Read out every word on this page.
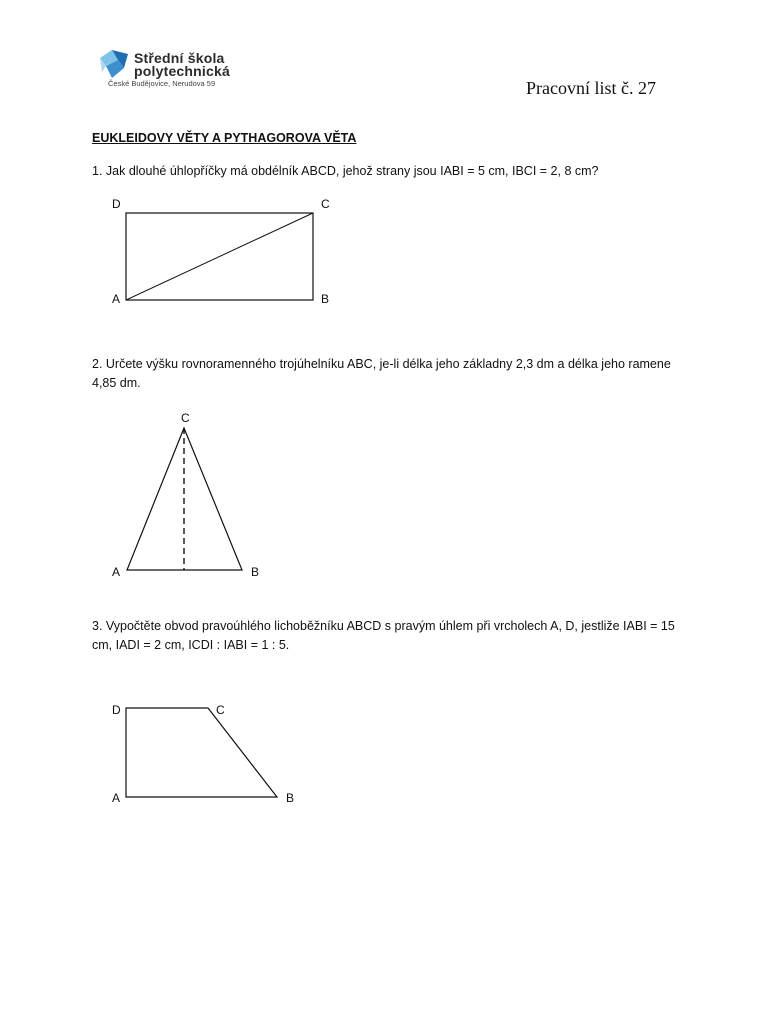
Střední škola
polytechnická
České Budějovice, Nerudova 59	Pracovní list č. 27
EUKLEIDOVY VĚTY A PYTHAGOROVA VĚTA
1. Jak dlouhé úhlopříčky má obdélník ABCD, jehož strany jsou IABI = 5 cm, IBCI = 2, 8 cm?
D	C
A	B
2. Určete výšku rovnoramenného trojúhelníku ABC, je-li délka jeho základny 2,3 dm a délka jeho ramene 4,85 dm.
C
A	B
3. Vypočtěte obvod pravoúhlého lichoběžníku ABCD s pravým úhlem při vrcholech A, D, jestliže IABI = 15 cm, IADI = 2 cm, ICDI : IABI = 1 : 5.
D	C
A	B
